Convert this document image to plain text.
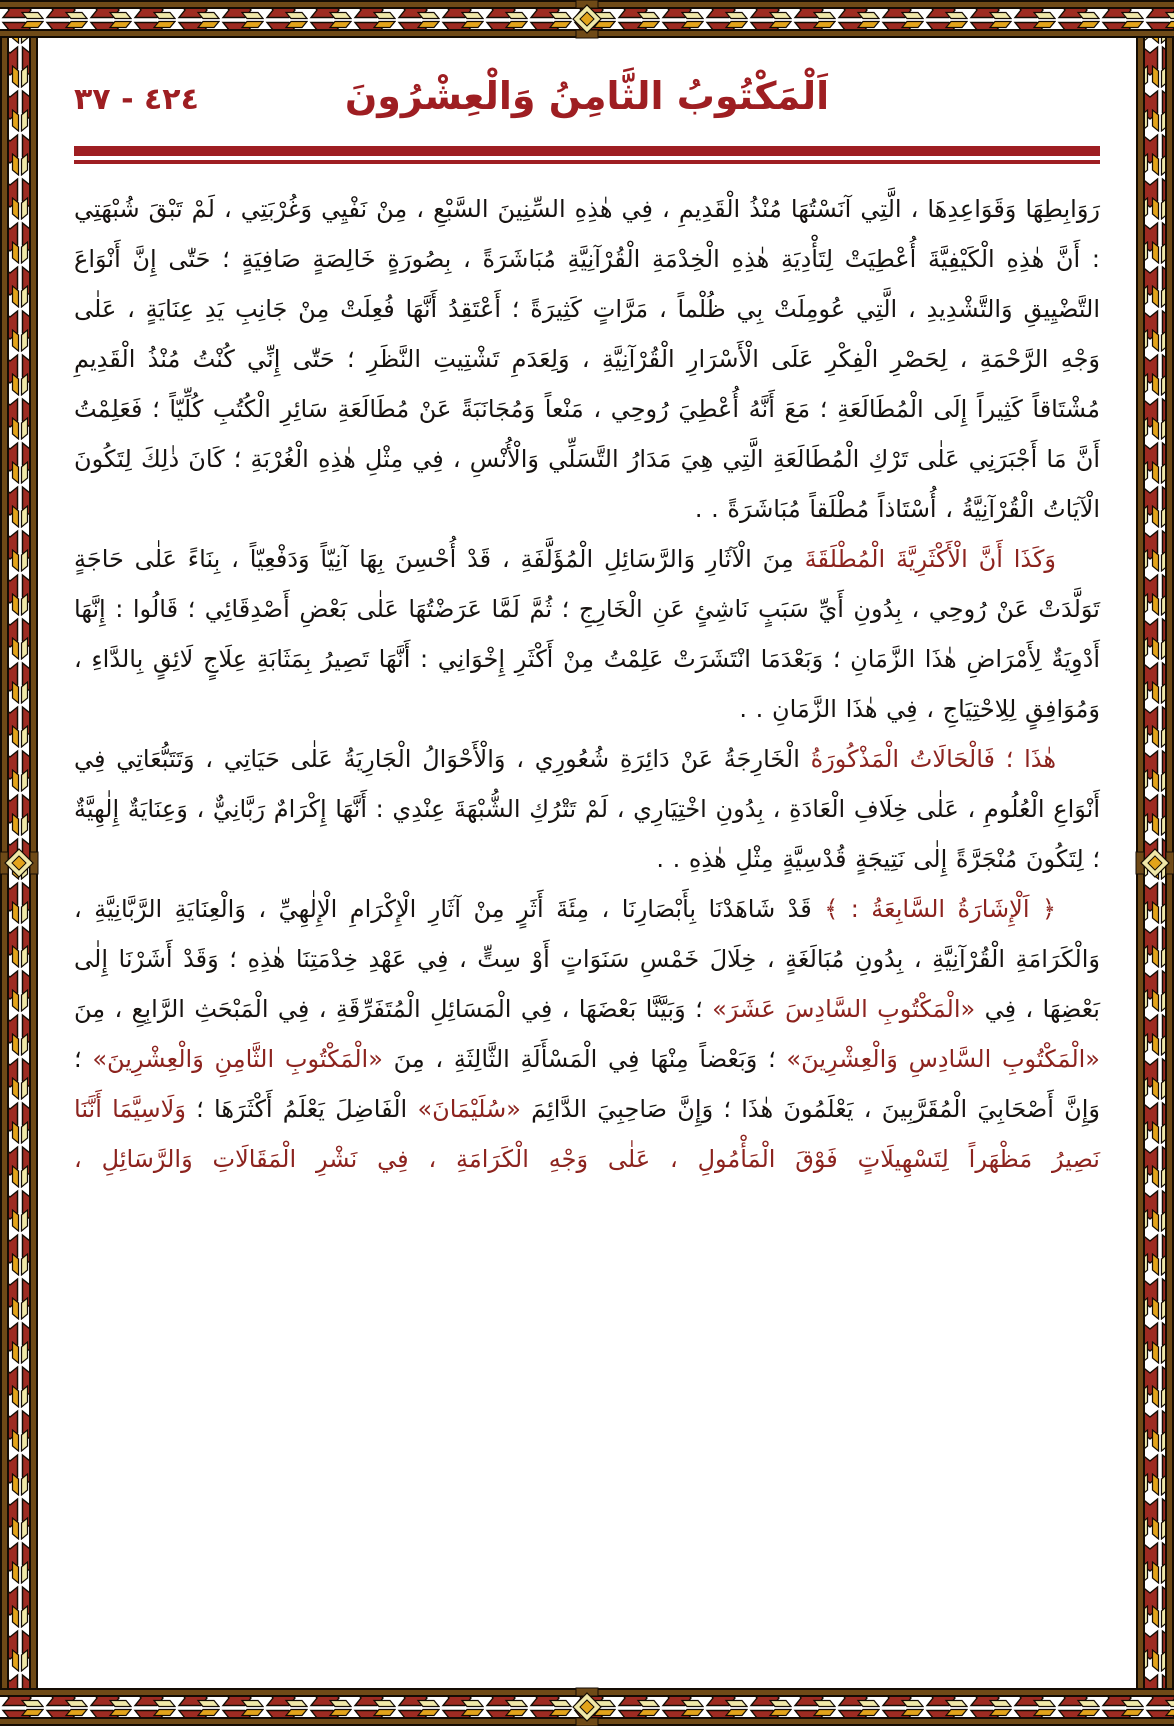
٤٢٤ - ٣٧	اَلْمَكْتُوبُ الثَّامِنُ وَالْعِشْرُونَ

رَوَابِطِهَا وَقَوَاعِدِهَا ، الَّتِي آنَسْتُهَا مُنْذُ الْقَدِيمِ ، فِي هٰذِهِ السِّنِينَ السَّبْعِ ، مِنْ نَفْيِي وَغُرْبَتِي ، لَمْ تَبْقَ شُبْهَتِي : أَنَّ هٰذِهِ الْكَيْفِيَّةَ أُعْطِيَتْ لِتَأْدِيَةِ هٰذِهِ الْخِدْمَةِ الْقُرْآنِيَّةِ مُبَاشَرَةً ، بِصُورَةٍ خَالِصَةٍ صَافِيَةٍ ؛ حَتّٰى إِنَّ أَنْوَاعَ التَّضْيِيقِ وَالتَّشْدِيدِ ، الَّتِي عُومِلَتْ بِي ظُلْماً ، مَرَّاتٍ كَثِيرَةً ؛ أَعْتَقِدُ أَنَّهَا فُعِلَتْ مِنْ جَانِبِ يَدِ عِنَايَةٍ ، عَلٰى وَجْهِ الرَّحْمَةِ ، لِحَصْرِ الْفِكْرِ عَلَى الْأَسْرَارِ الْقُرْآنِيَّةِ ، وَلِعَدَمِ تَشْتِيتِ النَّظَرِ ؛ حَتّٰى إِنِّي كُنْتُ مُنْذُ الْقَدِيمِ مُشْتَاقاً كَثِيراً إِلَى الْمُطَالَعَةِ ؛ مَعَ أَنَّهُ أُعْطِيَ رُوحِي ، مَنْعاً وَمُجَانَبَةً عَنْ مُطَالَعَةِ سَائِرِ الْكُتُبِ كُلِّيّاً ؛ فَعَلِمْتُ أَنَّ مَا أَجْبَرَنِي عَلٰى تَرْكِ الْمُطَالَعَةِ الَّتِي هِيَ مَدَارُ التَّسَلِّي وَالْأُنْسِ ، فِي مِثْلِ هٰذِهِ الْغُرْبَةِ ؛ كَانَ ذٰلِكَ لِتَكُونَ الْآيَاتُ الْقُرْآنِيَّةُ ، أُسْتَاذاً مُطْلَقاً مُبَاشَرَةً . .

وَكَذَا أَنَّ الْأَكْثَرِيَّةَ الْمُطْلَقَةَ مِنَ الْآثَارِ وَالرَّسَائِلِ الْمُؤَلَّفَةِ ، قَدْ أُحْسِنَ بِهَا آنِيّاً وَدَفْعِيّاً ، بِنَاءً عَلٰى حَاجَةٍ تَوَلَّدَتْ عَنْ رُوحِي ، بِدُونِ أَيِّ سَبَبٍ نَاشِئٍ عَنِ الْخَارِجِ ؛ ثُمَّ لَمَّا عَرَضْتُهَا عَلٰى بَعْضِ أَصْدِقَائِي ؛ قَالُوا : إِنَّهَا أَدْوِيَةٌ لِأَمْرَاضِ هٰذَا الزَّمَانِ ؛ وَبَعْدَمَا انْتَشَرَتْ عَلِمْتُ مِنْ أَكْثَرِ إِخْوَانِي : أَنَّهَا تَصِيرُ بِمَثَابَةِ عِلَاجٍ لَائِقٍ بِالدَّاءِ ، وَمُوَافِقٍ لِلِاحْتِيَاجِ ، فِي هٰذَا الزَّمَانِ . .

هٰذَا ؛ فَالْحَالَاتُ الْمَذْكُورَةُ الْخَارِجَةُ عَنْ دَائِرَةِ شُعُورِي ، وَالْأَحْوَالُ الْجَارِيَةُ عَلٰى حَيَاتِي ، وَتَتَبُّعَاتِي فِي أَنْوَاعِ الْعُلُومِ ، عَلٰى خِلَافِ الْعَادَةِ ، بِدُونِ اخْتِيَارِي ، لَمْ تَتْرُكِ الشُّبْهَةَ عِنْدِي : أَنَّهَا إِكْرَامٌ رَبَّانِيٌّ ، وَعِنَايَةٌ إِلٰهِيَّةٌ ؛ لِتَكُونَ مُنْجَرَّةً إِلٰى نَتِيجَةٍ قُدْسِيَّةٍ مِثْلِ هٰذِهِ . .

﴿ اَلْإِشَارَةُ السَّابِعَةُ : ﴾ قَدْ شَاهَدْنَا بِأَبْصَارِنَا ، مِئَةَ أَثَرٍ مِنْ آثَارِ الْإِكْرَامِ الْإِلٰهِيِّ ، وَالْعِنَايَةِ الرَّبَّانِيَّةِ ، وَالْكَرَامَةِ الْقُرْآنِيَّةِ ، بِدُونِ مُبَالَغَةٍ ، خِلَالَ خَمْسِ سَنَوَاتٍ أَوْ سِتٍّ ، فِي عَهْدِ خِدْمَتِنَا هٰذِهِ ؛ وَقَدْ أَشَرْنَا إِلٰى بَعْضِهَا ، فِي «الْمَكْتُوبِ السَّادِسَ عَشَرَ» ؛ وَبَيَّنَّا بَعْضَهَا ، فِي الْمَسَائِلِ الْمُتَفَرِّقَةِ ، فِي الْمَبْحَثِ الرَّابِعِ ، مِنَ «الْمَكْتُوبِ السَّادِسِ وَالْعِشْرِينَ» ؛ وَبَعْضاً مِنْهَا فِي الْمَسْأَلَةِ الثَّالِثَةِ ، مِنَ «الْمَكْتُوبِ الثَّامِنِ وَالْعِشْرِينَ» ؛ وَإِنَّ أَصْحَابِيَ الْمُقَرَّبِينَ ، يَعْلَمُونَ هٰذَا ؛ وَإِنَّ صَاحِبِيَ الدَّائِمَ «سُلَيْمَانَ» الْفَاضِلَ يَعْلَمُ أَكْثَرَهَا ؛ وَلَاسِيَّمَا أَنَّنَا نَصِيرُ مَظْهَراً لِتَسْهِيلَاتٍ فَوْقَ الْمَأْمُولِ ، عَلٰى وَجْهِ الْكَرَامَةِ ، فِي نَشْرِ الْمَقَالَاتِ وَالرَّسَائِلِ ،
